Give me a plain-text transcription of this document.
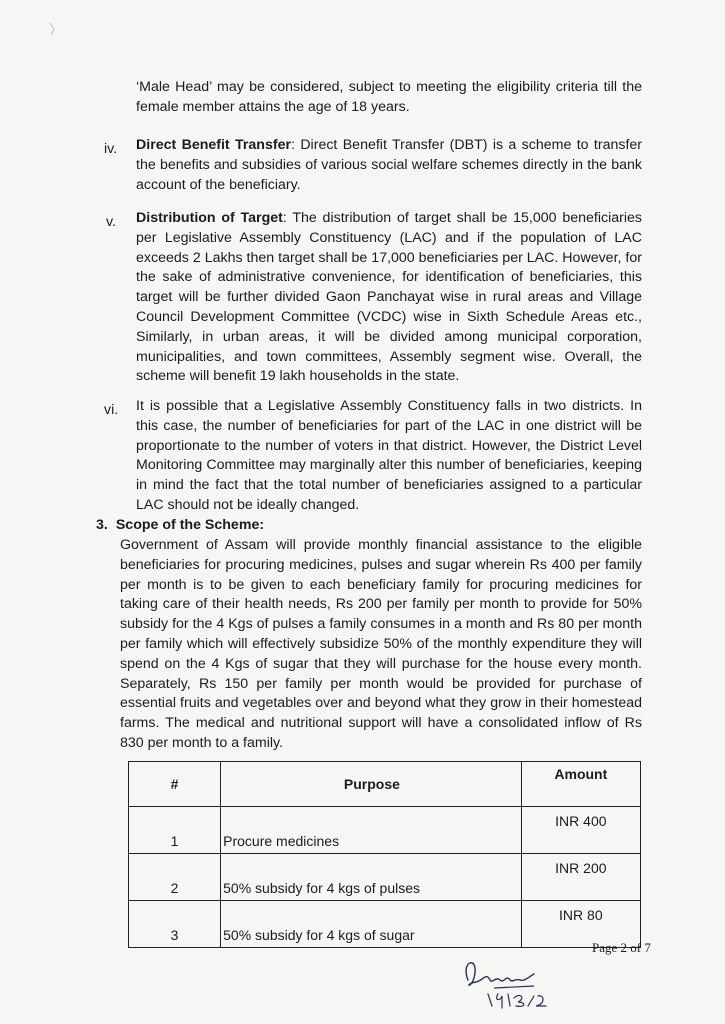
‘Male Head’ may be considered, subject to meeting the eligibility criteria till the female member attains the age of 18 years.
iv. Direct Benefit Transfer: Direct Benefit Transfer (DBT) is a scheme to transfer the benefits and subsidies of various social welfare schemes directly in the bank account of the beneficiary.
v. Distribution of Target: The distribution of target shall be 15,000 beneficiaries per Legislative Assembly Constituency (LAC) and if the population of LAC exceeds 2 Lakhs then target shall be 17,000 beneficiaries per LAC. However, for the sake of administrative convenience, for identification of beneficiaries, this target will be further divided Gaon Panchayat wise in rural areas and Village Council Development Committee (VCDC) wise in Sixth Schedule Areas etc., Similarly, in urban areas, it will be divided among municipal corporation, municipalities, and town committees, Assembly segment wise. Overall, the scheme will benefit 19 lakh households in the state.
vi. It is possible that a Legislative Assembly Constituency falls in two districts. In this case, the number of beneficiaries for part of the LAC in one district will be proportionate to the number of voters in that district. However, the District Level Monitoring Committee may marginally alter this number of beneficiaries, keeping in mind the fact that the total number of beneficiaries assigned to a particular LAC should not be ideally changed.
3. Scope of the Scheme:
Government of Assam will provide monthly financial assistance to the eligible beneficiaries for procuring medicines, pulses and sugar wherein Rs 400 per family per month is to be given to each beneficiary family for procuring medicines for taking care of their health needs, Rs 200 per family per month to provide for 50% subsidy for the 4 Kgs of pulses a family consumes in a month and Rs 80 per month per family which will effectively subsidize 50% of the monthly expenditure they will spend on the 4 Kgs of sugar that they will purchase for the house every month. Separately, Rs 150 per family per month would be provided for purchase of essential fruits and vegetables over and beyond what they grow in their homestead farms. The medical and nutritional support will have a consolidated inflow of Rs 830 per month to a family.
#	Purpose	Amount
1	Procure medicines	INR 400
2	50% subsidy for 4 kgs of pulses	INR 200
3	50% subsidy for 4 kgs of sugar	INR 80
Page 2 of 7
